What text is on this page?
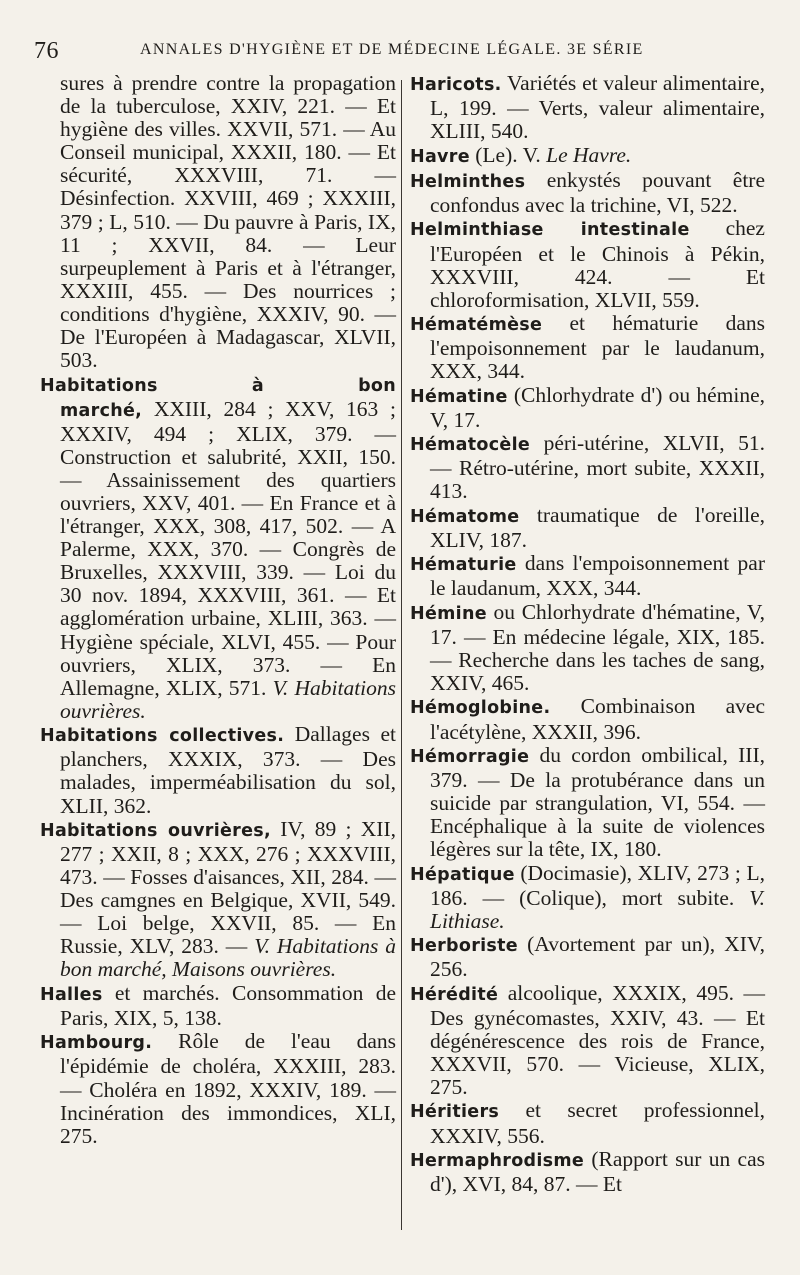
76	ANNALES D'HYGIÈNE ET DE MÉDECINE LÉGALE. 3E SÉRIE

sures à prendre contre la propagation de la tuberculose, XXIV, 221. — Et hygiène des villes. XXVII, 571. — Au Conseil municipal, XXXII, 180. — Et sécurité, XXXVIII, 71. — Désinfection. XXVIII, 469 ; XXXIII, 379 ; L, 510. — Du pauvre à Paris, IX, 11 ; XXVII, 84. — Leur surpeuplement à Paris et à l'étranger, XXXIII, 455. — Des nourrices ; conditions d'hygiène, XXXIV, 90. — De l'Européen à Madagascar, XLVII, 503.

Habitations à bon marché, XXIII, 284 ; XXV, 163 ; XXXIV, 494 ; XLIX, 379. — Construction et salubrité, XXII, 150. — Assainissement des quartiers ouvriers, XXV, 401. — En France et à l'étranger, XXX, 308, 417, 502. — A Palerme, XXX, 370. — Congrès de Bruxelles, XXXVIII, 339. — Loi du 30 nov. 1894, XXXVIII, 361. — Et agglomération urbaine, XLIII, 363. — Hygiène spéciale, XLVI, 455. — Pour ouvriers, XLIX, 373. — En Allemagne, XLIX, 571. V. Habitations ouvrières.

Habitations collectives. Dallages et planchers, XXXIX, 373. — Des malades, imperméabilisation du sol, XLII, 362.

Habitations ouvrières, IV, 89 ; XII, 277 ; XXII, 8 ; XXX, 276 ; XXXVIII, 473. — Fosses d'aisances, XII, 284. — Des camgnes en Belgique, XVII, 549. — Loi belge, XXVII, 85. — En Russie, XLV, 283. — V. Habitations à bon marché, Maisons ouvrières.

Halles et marchés. Consommation de Paris, XIX, 5, 138.

Hambourg. Rôle de l'eau dans l'épidémie de choléra, XXXIII, 283. — Choléra en 1892, XXXIV, 189. — Incinération des immondices, XLI, 275.

Haricots. Variétés et valeur alimentaire, L, 199. — Verts, valeur alimentaire, XLIII, 540.

Havre (Le). V. Le Havre.

Helminthes enkystés pouvant être confondus avec la trichine, VI, 522.

Helminthiase intestinale chez l'Européen et le Chinois à Pékin, XXXVIII, 424. — Et chloroformisation, XLVII, 559.

Hématémèse et hématurie dans l'empoisonnement par le laudanum, XXX, 344.

Hématine (Chlorhydrate d') ou hémine, V, 17.

Hématocèle péri-utérine, XLVII, 51. — Rétro-utérine, mort subite, XXXII, 413.

Hématome traumatique de l'oreille, XLIV, 187.

Hématurie dans l'empoisonnement par le laudanum, XXX, 344.

Hémine ou Chlorhydrate d'hématine, V, 17. — En médecine légale, XIX, 185. — Recherche dans les taches de sang, XXIV, 465.

Hémoglobine. Combinaison avec l'acétylène, XXXII, 396.

Hémorragie du cordon ombilical, III, 379. — De la protubérance dans un suicide par strangulation, VI, 554. — Encéphalique à la suite de violences légères sur la tête, IX, 180.

Hépatique (Docimasie), XLIV, 273 ; L, 186. — (Colique), mort subite. V. Lithiase.

Herboriste (Avortement par un), XIV, 256.

Hérédité alcoolique, XXXIX, 495. — Des gynécomastes, XXIV, 43. — Et dégénérescence des rois de France, XXXVII, 570. — Vicieuse, XLIX, 275.

Héritiers et secret professionnel, XXXIV, 556.

Hermaphrodisme (Rapport sur un cas d'), XVI, 84, 87. — Et
